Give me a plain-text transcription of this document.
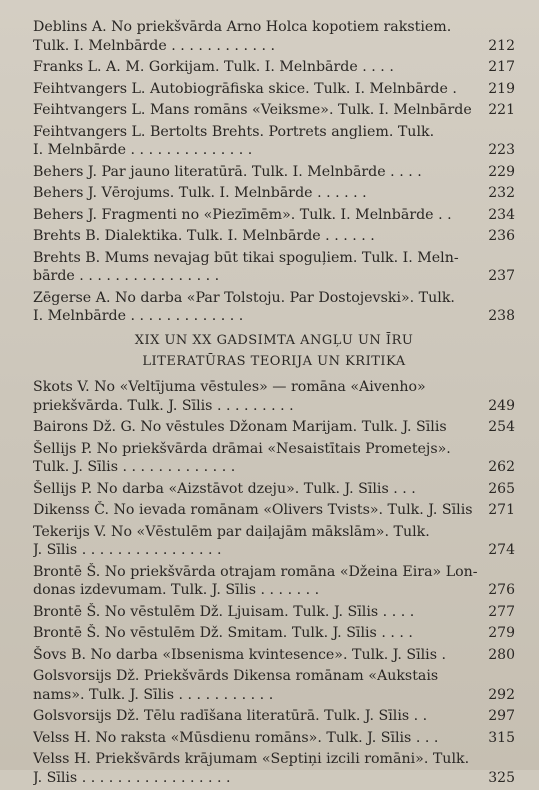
Deblins A. No priekšvārda Arno Holca kopotiem rakstiem.
Tulk. I. Melnbārde . . . . . . . . . . . .	212
Franks L. A. M. Gorkijam. Tulk. I. Melnbārde . . . .	217
Feihtvangers L. Autobiogrāfiska skice. Tulk. I. Melnbārde .	219
Feihtvangers L. Mans romāns «Veiksme». Tulk. I. Melnbārde	221
Feihtvangers L. Bertolts Brehts. Portrets angliem. Tulk.
I. Melnbārde . . . . . . . . . . . . . .	223
Behers J. Par jauno literatūrā. Tulk. I. Melnbārde . . . .	229
Behers J. Vērojums. Tulk. I. Melnbārde . . . . . .	232
Behers J. Fragmenti no «Piezīmēm». Tulk. I. Melnbārde . .	234
Brehts B. Dialektika. Tulk. I. Melnbārde . . . . . .	236
Brehts B. Mums nevajag būt tikai spoguļiem. Tulk. I. Meln-
bārde . . . . . . . . . . . . . . . .	237
Zēgerse A. No darba «Par Tolstoju. Par Dostojevski». Tulk.
I. Melnbārde . . . . . . . . . . . . .	238
XIX UN XX GADSIMTA ANGĻU UN ĪRU
LITERATŪRAS TEORIJA UN KRITIKA
Skots V. No «Veltījuma vēstules» — romāna «Aivenho»
priekšvārda. Tulk. J. Sīlis . . . . . . . . .	249
Bairons Dž. G. No vēstules Džonam Marijam. Tulk. J. Sīlis	254
Šellijs P. No priekšvārda drāmai «Nesaistītais Prometejs».
Tulk. J. Sīlis . . . . . . . . . . . . .	262
Šellijs P. No darba «Aizstāvot dzeju». Tulk. J. Sīlis . . .	265
Dikenss Č. No ievada romānam «Olivers Tvists». Tulk. J. Sīlis	271
Tekerijs V. No «Vēstulēm par daiļajām mākslām». Tulk.
J. Sīlis . . . . . . . . . . . . . . . .	274
Brontē Š. No priekšvārda otrajam romāna «Džeina Eira» Lon-
donas izdevumam. Tulk. J. Sīlis . . . . . . .	276
Brontē Š. No vēstulēm Dž. Ljuisam. Tulk. J. Sīlis . . . .	277
Brontē Š. No vēstulēm Dž. Smitam. Tulk. J. Sīlis . . . .	279
Šovs B. No darba «Ibsenisma kvintesence». Tulk. J. Sīlis .	280
Golsvorsijs Dž. Priekšvārds Dikensa romānam «Aukstais
nams». Tulk. J. Sīlis . . . . . . . . . . .	292
Golsvorsijs Dž. Tēlu radīšana literatūrā. Tulk. J. Sīlis . .	297
Velss H. No raksta «Mūsdienu romāns». Tulk. J. Sīlis . . .	315
Velss H. Priekšvārds krājumam «Septiņi izcili romāni». Tulk.
J. Sīlis . . . . . . . . . . . . . . . . .	325
